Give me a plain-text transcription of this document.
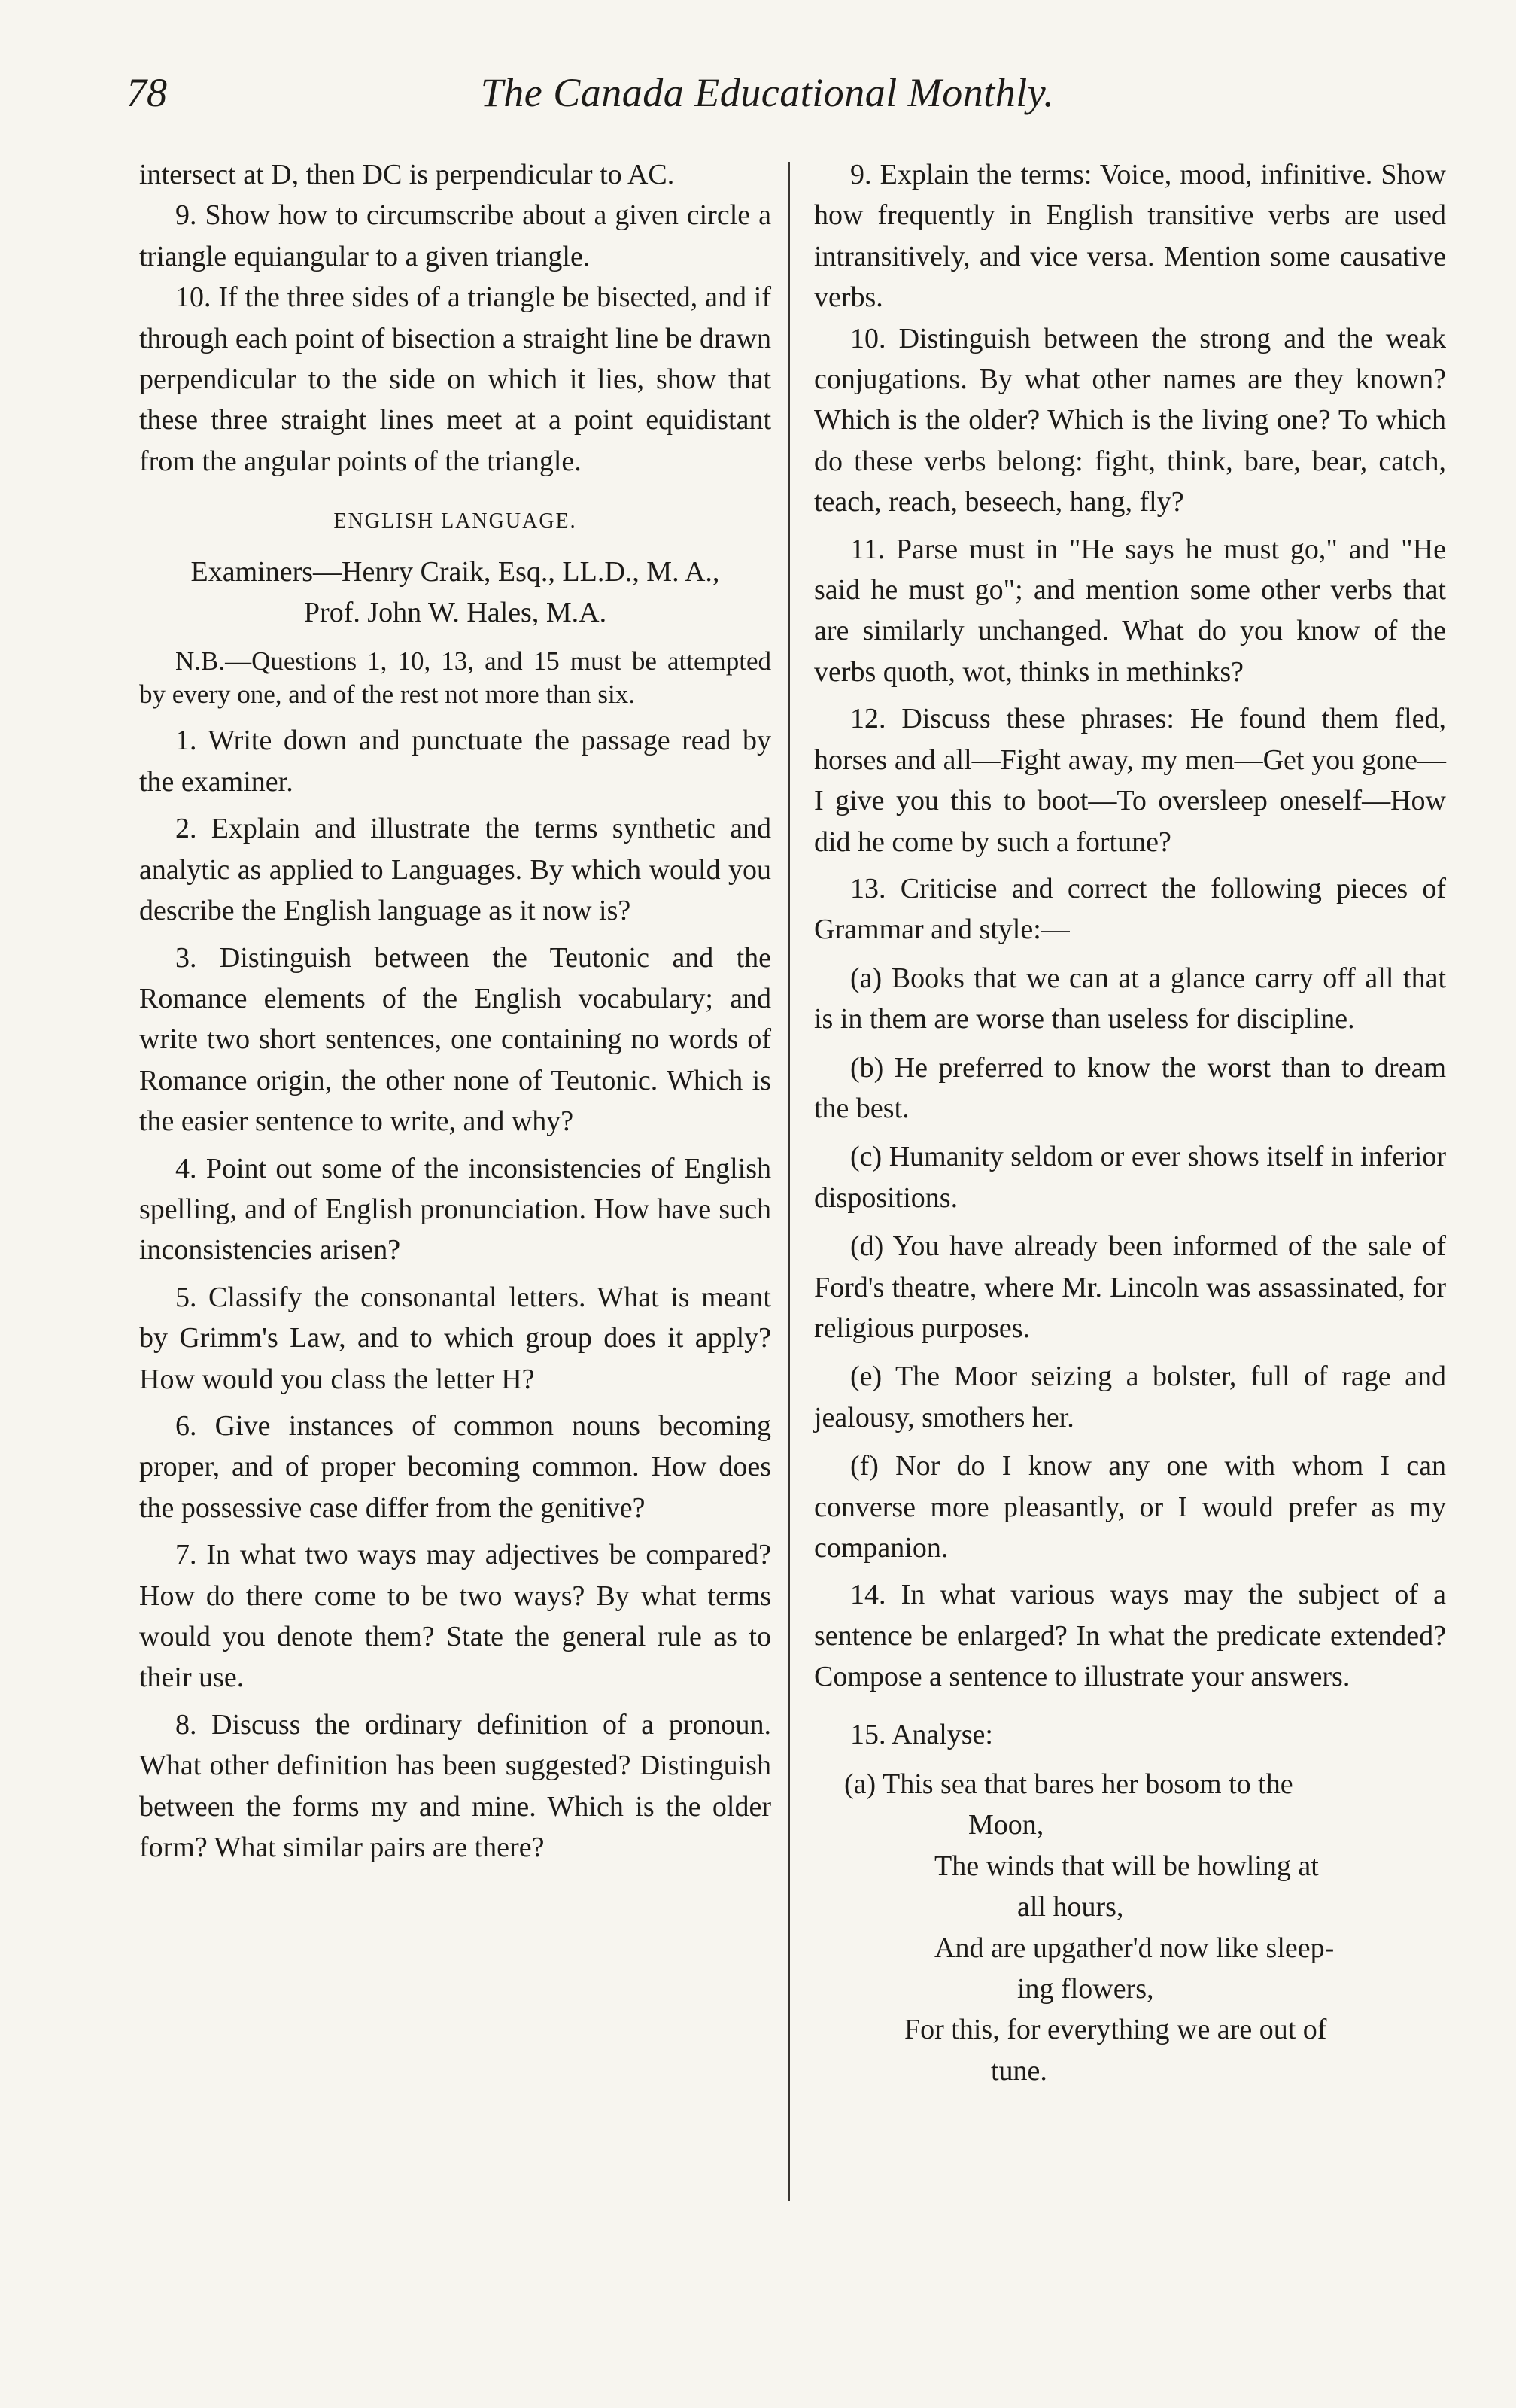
78	The Canada Educational Monthly.

intersect at D, then DC is perpendicular to AC.

9. Show how to circumscribe about a given circle a triangle equiangular to a given triangle.

10. If the three sides of a triangle be bisected, and if through each point of bisection a straight line be drawn perpendicular to the side on which it lies, show that these three straight lines meet at a point equidistant from the angular points of the triangle.

ENGLISH LANGUAGE.

Examiners—Henry Craik, Esq., LL.D., M. A., Prof. John W. Hales, M.A.

N.B.—Questions 1, 10, 13, and 15 must be attempted by every one, and of the rest not more than six.

1. Write down and punctuate the passage read by the examiner.

2. Explain and illustrate the terms synthetic and analytic as applied to Languages. By which would you describe the English language as it now is?

3. Distinguish between the Teutonic and the Romance elements of the English vocabulary; and write two short sentences, one containing no words of Romance origin, the other none of Teutonic. Which is the easier sentence to write, and why?

4. Point out some of the inconsistencies of English spelling, and of English pronunciation. How have such inconsistencies arisen?

5. Classify the consonantal letters. What is meant by Grimm's Law, and to which group does it apply? How would you class the letter H?

6. Give instances of common nouns becoming proper, and of proper becoming common. How does the possessive case differ from the genitive?

7. In what two ways may adjectives be compared? How do there come to be two ways? By what terms would you denote them? State the general rule as to their use.

8. Discuss the ordinary definition of a pronoun. What other definition has been suggested? Distinguish between the forms my and mine. Which is the older form? What similar pairs are there?

9. Explain the terms: Voice, mood, infinitive. Show how frequently in English transitive verbs are used intransitively, and vice versa. Mention some causative verbs.

10. Distinguish between the strong and the weak conjugations. By what other names are they known? Which is the older? Which is the living one? To which do these verbs belong: fight, think, bare, bear, catch, teach, reach, beseech, hang, fly?

11. Parse must in "He says he must go," and "He said he must go"; and mention some other verbs that are similarly unchanged. What do you know of the verbs quoth, wot, thinks in methinks?

12. Discuss these phrases: He found them fled, horses and all—Fight away, my men—Get you gone—I give you this to boot—To oversleep oneself—How did he come by such a fortune?

13. Criticise and correct the following pieces of Grammar and style:—

(a) Books that we can at a glance carry off all that is in them are worse than useless for discipline.

(b) He preferred to know the worst than to dream the best.

(c) Humanity seldom or ever shows itself in inferior dispositions.

(d) You have already been informed of the sale of Ford's theatre, where Mr. Lincoln was assassinated, for religious purposes.

(e) The Moor seizing a bolster, full of rage and jealousy, smothers her.

(f) Nor do I know any one with whom I can converse more pleasantly, or I would prefer as my companion.

14. In what various ways may the subject of a sentence be enlarged? In what the predicate extended? Compose a sentence to illustrate your answers.

15. Analyse:

(a) This sea that bares her bosom to the
Moon,
The winds that will be howling at
all hours,
And are upgather'd now like sleep-
ing flowers,
For this, for everything we are out of
tune.
